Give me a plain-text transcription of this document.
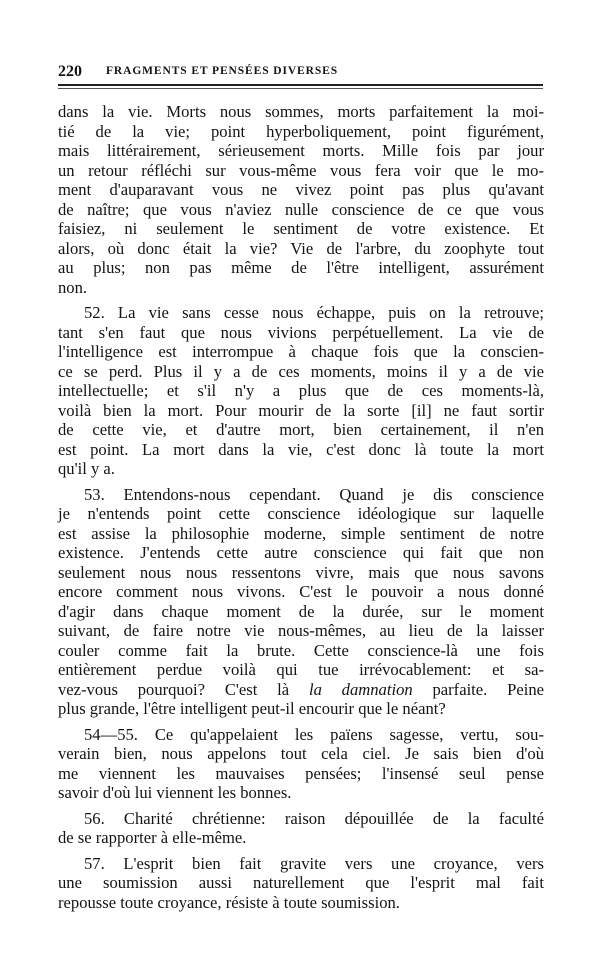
220 FRAGMENTS ET PENSÉES DIVERSES
dans la vie. Morts nous sommes, morts parfaitement la moi-
tié de la vie; point hyperboliquement, point figurément,
mais littérairement, sérieusement morts. Mille fois par jour
un retour réfléchi sur vous-même vous fera voir que le mo-
ment d'auparavant vous ne vivez point pas plus qu'avant
de naître; que vous n'aviez nulle conscience de ce que vous
faisiez, ni seulement le sentiment de votre existence. Et
alors, où donc était la vie? Vie de l'arbre, du zoophyte tout
au plus; non pas même de l'être intelligent, assurément
non.
52. La vie sans cesse nous échappe, puis on la retrouve;
tant s'en faut que nous vivions perpétuellement. La vie de
l'intelligence est interrompue à chaque fois que la conscien-
ce se perd. Plus il y a de ces moments, moins il y a de vie
intellectuelle; et s'il n'y a plus que de ces moments-là,
voilà bien la mort. Pour mourir de la sorte [il] ne faut sortir
de cette vie, et d'autre mort, bien certainement, il n'en
est point. La mort dans la vie, c'est donc là toute la mort
qu'il y a.
53. Entendons-nous cependant. Quand je dis conscience
je n'entends point cette conscience idéologique sur laquelle
est assise la philosophie moderne, simple sentiment de notre
existence. J'entends cette autre conscience qui fait que non
seulement nous nous ressentons vivre, mais que nous savons
encore comment nous vivons. C'est le pouvoir a nous donné
d'agir dans chaque moment de la durée, sur le moment
suivant, de faire notre vie nous-mêmes, au lieu de la laisser
couler comme fait la brute. Cette conscience-là une fois
entièrement perdue voilà qui tue irrévocablement: et sa-
vez-vous pourquoi? C'est là la damnation parfaite. Peine
plus grande, l'être intelligent peut-il encourir que le néant?
54—55. Ce qu'appelaient les païens sagesse, vertu, sou-
verain bien, nous appelons tout cela ciel. Je sais bien d'où
me viennent les mauvaises pensées; l'insensé seul pense
savoir d'où lui viennent les bonnes.
56. Charité chrétienne: raison dépouillée de la faculté
de se rapporter à elle-même.
57. L'esprit bien fait gravite vers une croyance, vers
une soumission aussi naturellement que l'esprit mal fait
repousse toute croyance, résiste à toute soumission.
